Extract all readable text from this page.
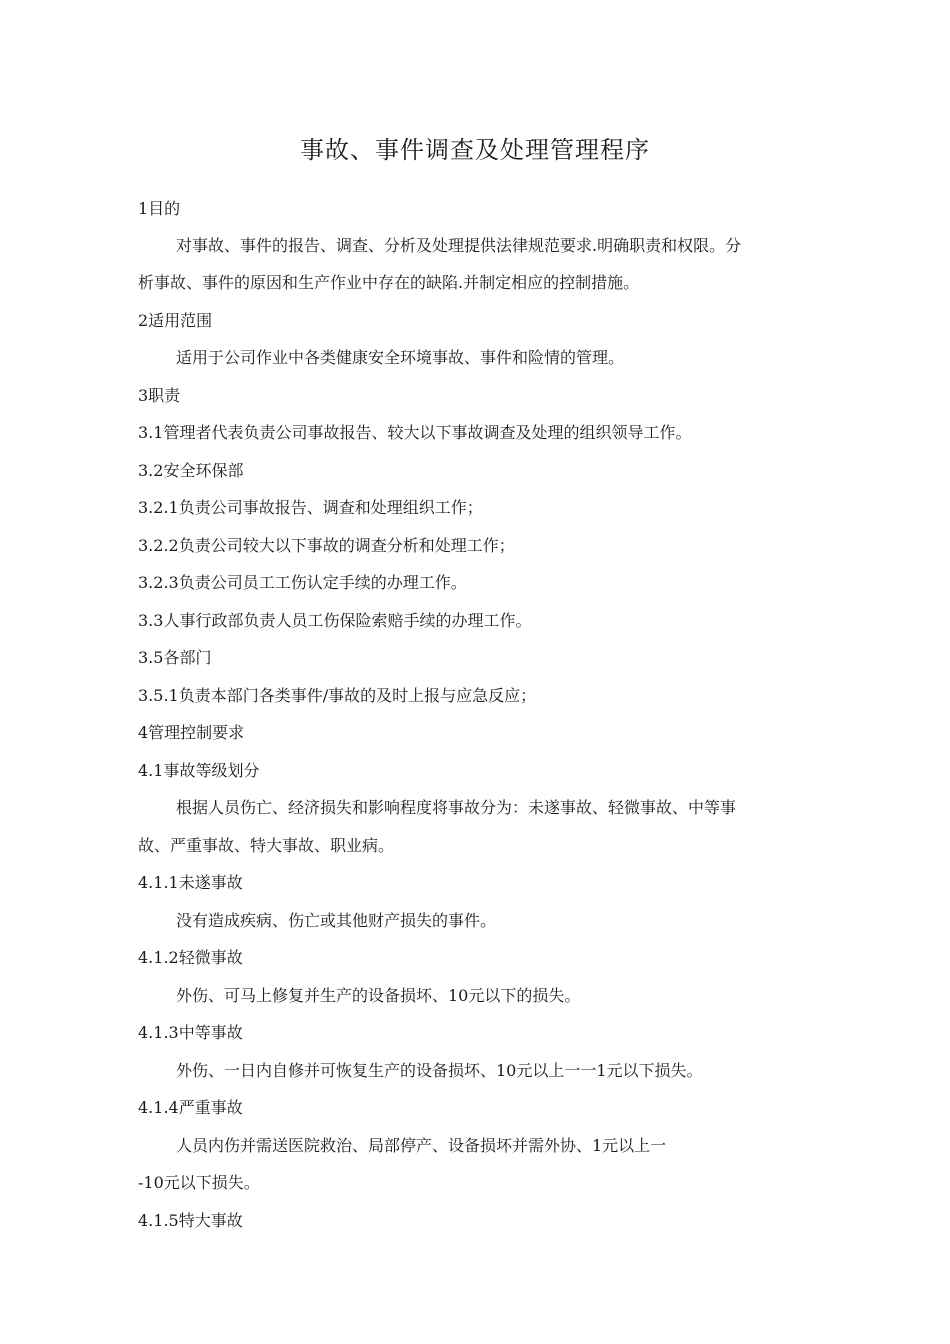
事故、事件调查及处理管理程序
1目的
对事故、事件的报告、调查、分析及处理提供法律规范要求.明确职责和权限。分
析事故、事件的原因和生产作业中存在的缺陷.并制定相应的控制措施。
2适用范围
适用于公司作业中各类健康安全环境事故、事件和险情的管理。
3职责
3.1管理者代表负责公司事故报告、较大以下事故调查及处理的组织领导工作。
3.2安全环保部
3.2.1负责公司事故报告、调查和处理组织工作；
3.2.2负责公司较大以下事故的调查分析和处理工作；
3.2.3负责公司员工工伤认定手续的办理工作。
3.3人事行政部负责人员工伤保险索赔手续的办理工作。
3.5各部门
3.5.1负责本部门各类事件/事故的及时上报与应急反应；
4管理控制要求
4.1事故等级划分
根据人员伤亡、经济损失和影响程度将事故分为：未遂事故、轻微事故、中等事
故、严重事故、特大事故、职业病。
4.1.1未遂事故
没有造成疾病、伤亡或其他财产损失的事件。
4.1.2轻微事故
外伤、可马上修复并生产的设备损坏、10元以下的损失。
4.1.3中等事故
外伤、一日内自修并可恢复生产的设备损坏、10元以上一一1元以下损失。
4.1.4严重事故
人员内伤并需送医院救治、局部停产、设备损坏并需外协、1元以上一
-10元以下损失。
4.1.5特大事故
